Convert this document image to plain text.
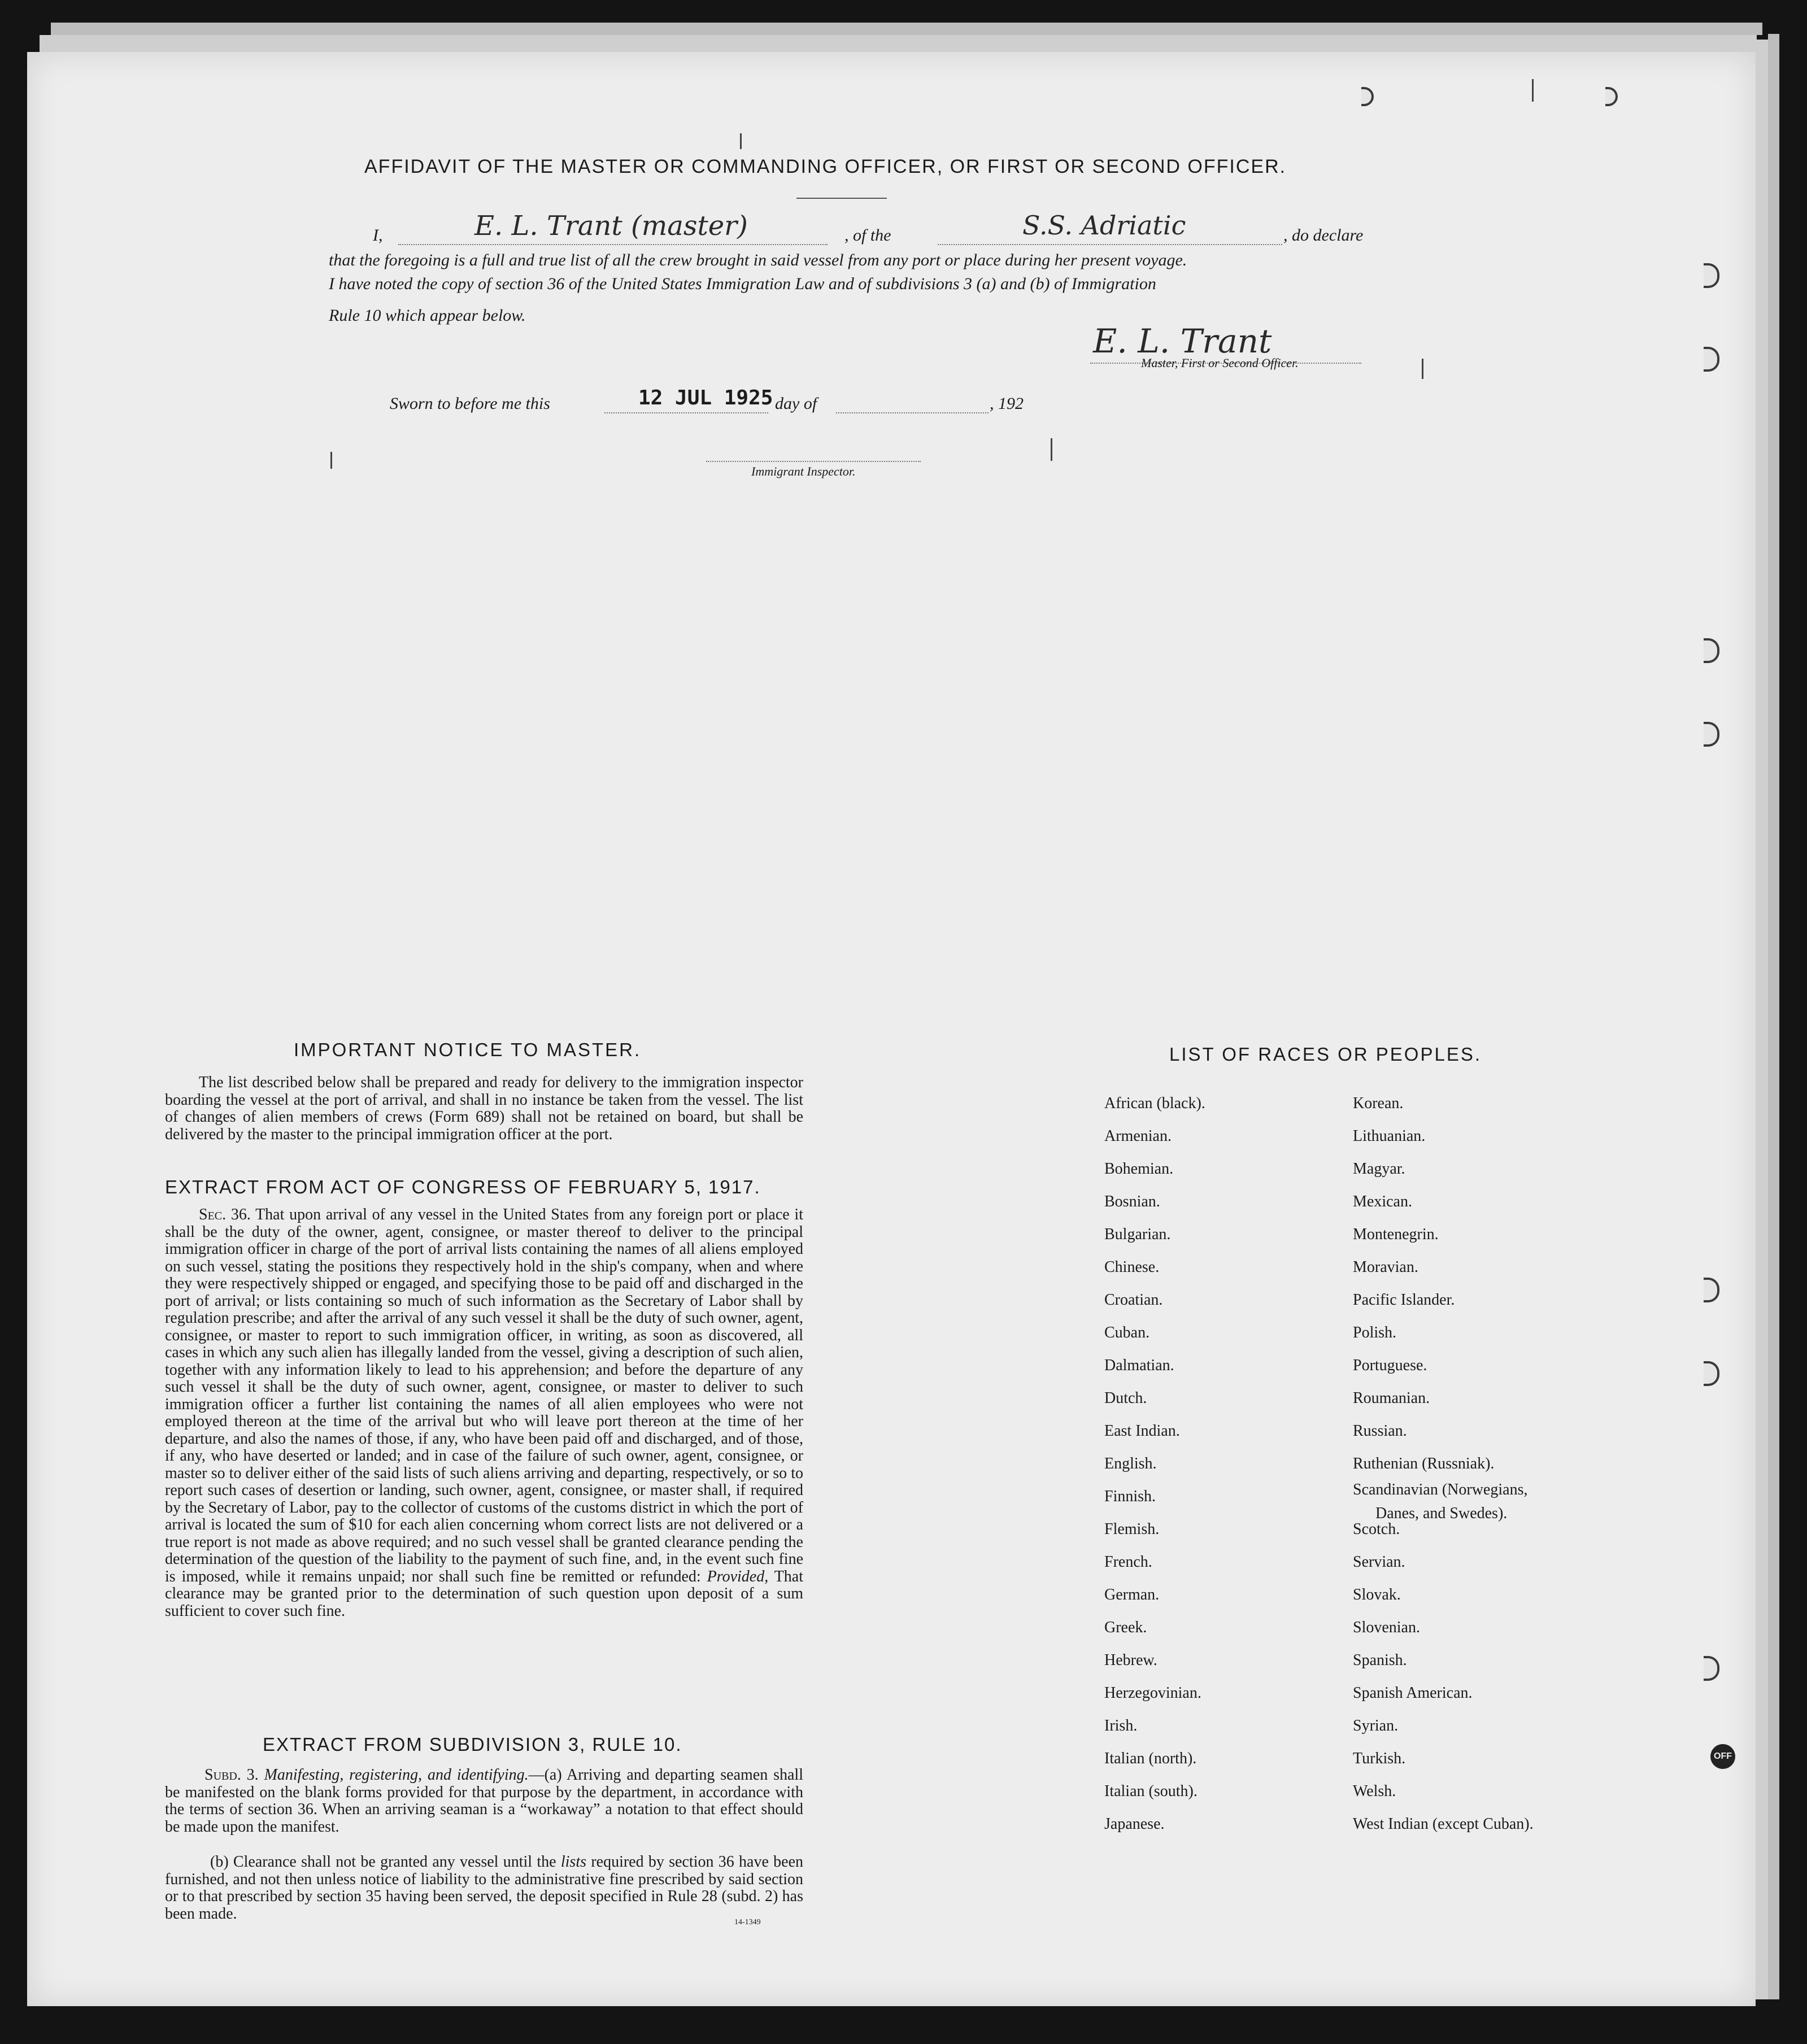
AFFIDAVIT OF THE MASTER OR COMMANDING OFFICER, OR FIRST OR SECOND OFFICER.
I,	E. L. Trant (master)	, of the	S.S. Adriatic	, do declare
that the foregoing is a full and true list of all the crew brought in said vessel from any port or place during her present voyage.
I have noted the copy of section 36 of the United States Immigration Law and of subdivisions 3 (a) and (b) of Immigration
Rule 10 which appear below.
E. L. Trant
Master, First or Second Officer.
Sworn to before me this	12 JUL 1925 day of	, 192
Immigrant Inspector.
IMPORTANT NOTICE TO MASTER.
The list described below shall be prepared and ready for delivery to the immigration inspector boarding the vessel at the port of arrival, and shall in no instance be taken from the vessel. The list of changes of alien members of crews (Form 689) shall not be retained on board, but shall be delivered by the master to the principal immigration officer at the port.
EXTRACT FROM ACT OF CONGRESS OF FEBRUARY 5, 1917.
Sec. 36. That upon arrival of any vessel in the United States from any foreign port or place it shall be the duty of the owner, agent, consignee, or master thereof to deliver to the principal immigration officer in charge of the port of arrival lists containing the names of all aliens employed on such vessel, stating the positions they respectively hold in the ship's company, when and where they were respectively shipped or engaged, and specifying those to be paid off and discharged in the port of arrival; or lists containing so much of such information as the Secretary of Labor shall by regulation prescribe; and after the arrival of any such vessel it shall be the duty of such owner, agent, consignee, or master to report to such immigration officer, in writing, as soon as discovered, all cases in which any such alien has illegally landed from the vessel, giving a description of such alien, together with any information likely to lead to his apprehension; and before the departure of any such vessel it shall be the duty of such owner, agent, consignee, or master to deliver to such immigration officer a further list containing the names of all alien employees who were not employed thereon at the time of the arrival but who will leave port thereon at the time of her departure, and also the names of those, if any, who have been paid off and discharged, and of those, if any, who have deserted or landed; and in case of the failure of such owner, agent, consignee, or master so to deliver either of the said lists of such aliens arriving and departing, respectively, or so to report such cases of desertion or landing, such owner, agent, consignee, or master shall, if required by the Secretary of Labor, pay to the collector of customs of the customs district in which the port of arrival is located the sum of $10 for each alien concerning whom correct lists are not delivered or a true report is not made as above required; and no such vessel shall be granted clearance pending the determination of the question of the liability to the payment of such fine, and, in the event such fine is imposed, while it remains unpaid; nor shall such fine be remitted or refunded: Provided, That clearance may be granted prior to the determination of such question upon deposit of a sum sufficient to cover such fine.
EXTRACT FROM SUBDIVISION 3, RULE 10.
Subd. 3. Manifesting, registering, and identifying.—(a) Arriving and departing seamen shall be manifested on the blank forms provided for that purpose by the department, in accordance with the terms of section 36. When an arriving seaman is a “workaway” a notation to that effect should be made upon the manifest.
(b) Clearance shall not be granted any vessel until the lists required by section 36 have been furnished, and not then unless notice of liability to the administrative fine prescribed by said section or to that prescribed by section 35 having been served, the deposit specified in Rule 28 (subd. 2) has been made.	14-1349
LIST OF RACES OR PEOPLES.
African (black).
Armenian.
Bohemian.
Bosnian.
Bulgarian.
Chinese.
Croatian.
Cuban.
Dalmatian.
Dutch.
East Indian.
English.
Finnish.
Flemish.
French.
German.
Greek.
Hebrew.
Herzegovinian.
Irish.
Italian (north).
Italian (south).
Japanese.
Korean.
Lithuanian.
Magyar.
Mexican.
Montenegrin.
Moravian.
Pacific Islander.
Polish.
Portuguese.
Roumanian.
Russian.
Ruthenian (Russniak).
Scandinavian (Norwegians,
Danes, and Swedes).
Scotch.
Servian.
Slovak.
Slovenian.
Spanish.
Spanish American.
Syrian.
Turkish.
Welsh.
West Indian (except Cuban).
OFF
